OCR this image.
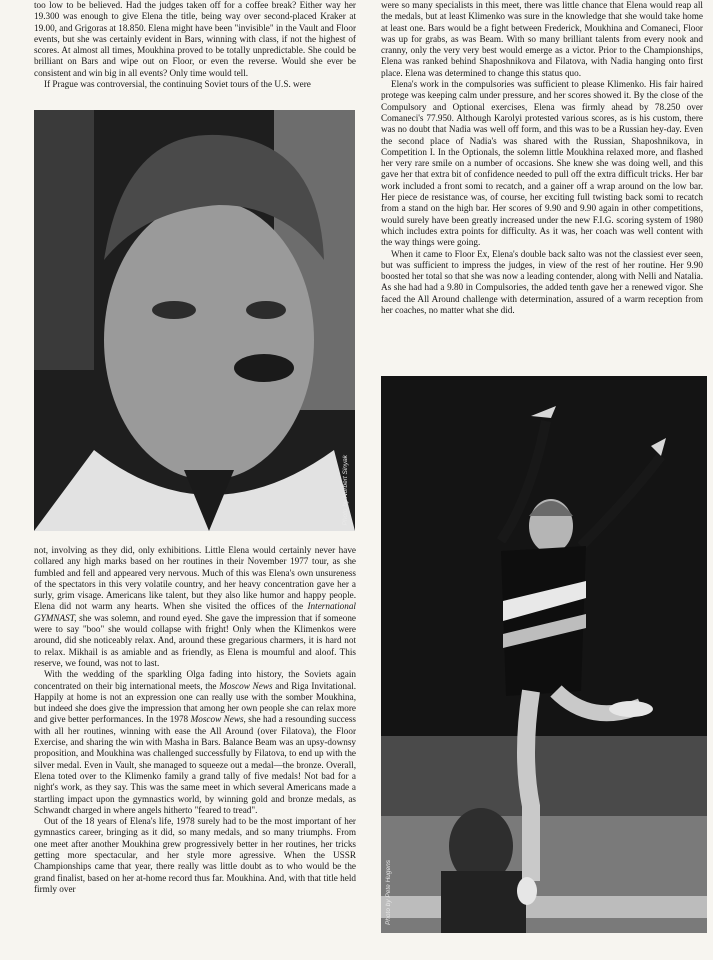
too low to be believed. Had the judges taken off for a coffee break? Either way her 19.300 was enough to give Elena the title, being way over second-placed Kraker at 19.00, and Grigoras at 18.850. Elena might have been "invisible" in the Vault and Floor events, but she was certainly evident in Bars, winning with class, if not the highest of scores. At almost all times, Moukhina proved to be totally unpredictable. She could be brilliant on Bars and wipe out on Floor, or even the reverse. Would she ever be consistent and win big in all events? Only time would tell.

If Prague was controversial, the continuing Soviet tours of the U.S. were

Photo by Norbert Sinyak

not, involving as they did, only exhibitions. Little Elena would certainly never have collared any high marks based on her routines in their November 1977 tour, as she fumbled and fell and appeared very nervous. Much of this was Elena's own unsureness of the spectators in this very volatile country, and her heavy concentration gave her a surly, grim visage. Americans like talent, but they also like humor and happy people. Elena did not warm any hearts. When she visited the offices of the International GYMNAST, she was solemn, and round eyed. She gave the impression that if someone were to say "boo" she would collapse with fright! Only when the Klimenkos were around, did she noticeably relax. And, around these gregarious charmers, it is hard not to relax. Mikhail is as amiable and as friendly, as Elena is moumful and aloof. This reserve, we found, was not to last.

With the wedding of the sparkling Olga fading into history, the Soviets again concentrated on their big international meets, the Moscow News and Riga Invitational. Happily at home is not an expression one can really use with the somber Moukhina, but indeed she does give the impression that among her own people she can relax more and give better performances. In the 1978 Moscow News, she had a resounding success with all her routines, winning with ease the All Around (over Filatova), the Floor Exercise, and sharing the win with Masha in Bars. Balance Beam was an upsy-downsy proposition, and Moukhina was challenged successfully by Filatova, to end up with the silver medal. Even in Vault, she managed to squeeze out a medal—the bronze. Overall, Elena toted over to the Klimenko family a grand tally of five medals! Not bad for a night's work, as they say. This was the same meet in which several Americans made a startling impact upon the gymnastics world, by winning gold and bronze medals, as Schwandt charged in where angels hitherto "feared to tread".

Out of the 18 years of Elena's life, 1978 surely had to be the most important of her gymnastics career, bringing as it did, so many medals, and so many triumphs. From one meet after another Moukhina grew progressively better in her routines, her tricks getting more spectacular, and her style more agressive. When the USSR Championships came that year, there really was little doubt as to who would be the grand finalist, based on her at-home record thus far. Moukhina. And, with that title held firmly over

were so many specialists in this meet, there was little chance that Elena would reap all the medals, but at least Klimenko was sure in the knowledge that she would take home at least one. Bars would be a fight between Frederick, Moukhina and Comaneci, Floor was up for grabs, as was Beam. With so many brilliant talents from every nook and cranny, only the very very best would emerge as a victor. Prior to the Championships, Elena was ranked behind Shaposhnikova and Filatova, with Nadia hanging onto first place. Elena was determined to change this status quo.

Elena's work in the compulsories was sufficient to please Klimenko. His fair haired protege was keeping calm under pressure, and her scores showed it. By the close of the Compulsory and Optional exercises, Elena was firmly ahead by 78.250 over Comaneci's 77.950. Although Karolyi protested various scores, as is his custom, there was no doubt that Nadia was well off form, and this was to be a Russian hey-day. Even the second place of Nadia's was shared with the Russian, Shaposhnikova, in Competition I. In the Optionals, the solemn little Moukhina relaxed more, and flashed her very rare smile on a number of occasions. She knew she was doing well, and this gave her that extra bit of confidence needed to pull off the extra difficult tricks. Her bar work included a front somi to recatch, and a gainer off a wrap around on the low bar. Her piece de resistance was, of course, her exciting full twisting back somi to recatch from a stand on the high bar. Her scores of 9.90 and 9.90 again in other competitions, would surely have been greatly increased under the new F.I.G. scoring system of 1980 which includes extra points for difficulty. As it was, her coach was well content with the way things were going.

When it came to Floor Ex, Elena's double back salto was not the classiest ever seen, but was sufficient to impress the judges, in view of the rest of her routine. Her 9.90 boosted her total so that she was now a leading contender, along with Nelli and Natalia. As she had had a 9.80 in Compulsories, the added tenth gave her a renewed vigor. She faced the All Around challenge with determination, assured of a warm reception from her coaches, no matter what she did.

Photo by Pete Hugens
